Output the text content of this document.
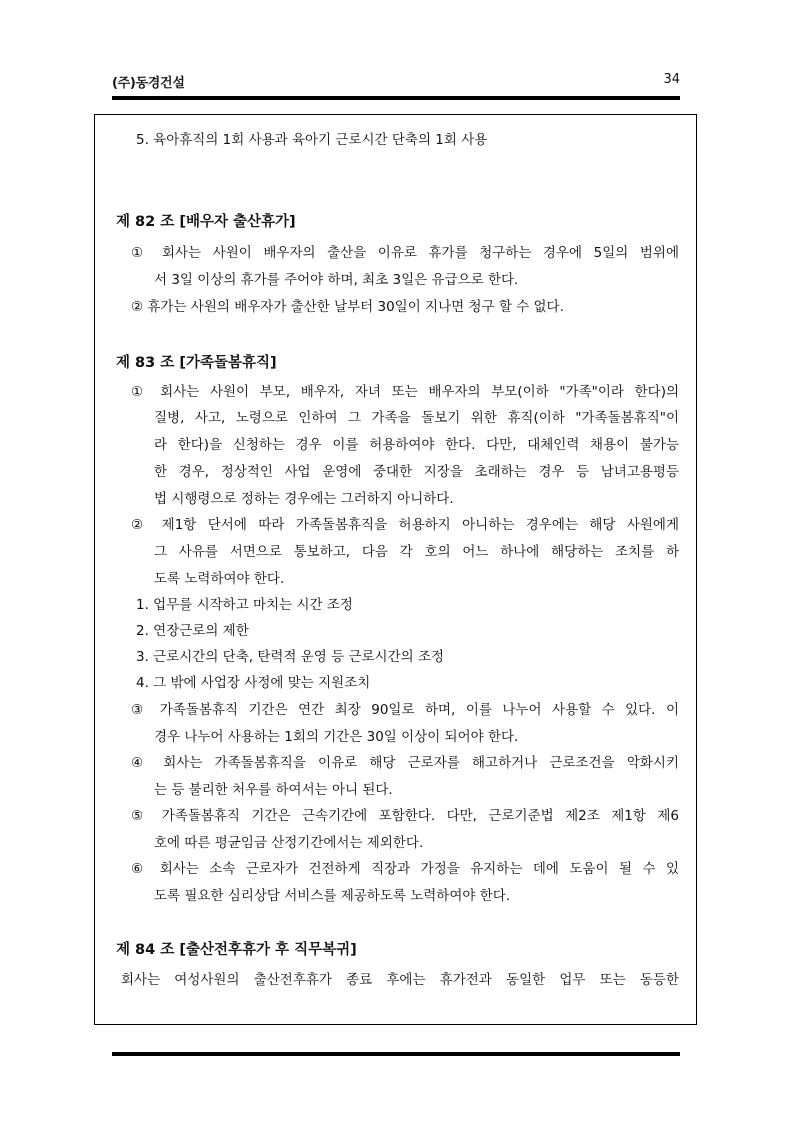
(주)동경건설	34
5. 육아휴직의 1회 사용과 육아기 근로시간 단축의 1회 사용
제 82 조 [배우자 출산휴가]
① 회사는 사원이 배우자의 출산을 이유로 휴가를 청구하는 경우에 5일의 범위에
서 3일 이상의 휴가를 주어야 하며, 최초 3일은 유급으로 한다.
② 휴가는 사원의 배우자가 출산한 날부터 30일이 지나면 청구 할 수 없다.
제 83 조 [가족돌봄휴직]
① 회사는 사원이 부모, 배우자, 자녀 또는 배우자의 부모(이하 "가족"이라 한다)의
질병, 사고, 노령으로 인하여 그 가족을 돌보기 위한 휴직(이하 "가족돌봄휴직"이
라 한다)을 신청하는 경우 이를 허용하여야 한다. 다만, 대체인력 채용이 불가능
한 경우, 정상적인 사업 운영에 중대한 지장을 초래하는 경우 등 남녀고용평등
법 시행령으로 정하는 경우에는 그러하지 아니하다.
② 제1항 단서에 따라 가족돌봄휴직을 허용하지 아니하는 경우에는 해당 사원에게
그 사유를 서면으로 통보하고, 다음 각 호의 어느 하나에 해당하는 조치를 하
도록 노력하여야 한다.
1. 업무를 시작하고 마치는 시간 조정
2. 연장근로의 제한
3. 근로시간의 단축, 탄력적 운영 등 근로시간의 조정
4. 그 밖에 사업장 사정에 맞는 지원조치
③ 가족돌봄휴직 기간은 연간 최장 90일로 하며, 이를 나누어 사용할 수 있다. 이
경우 나누어 사용하는 1회의 기간은 30일 이상이 되어야 한다.
④ 회사는 가족돌봄휴직을 이유로 해당 근로자를 해고하거나 근로조건을 악화시키
는 등 불리한 처우를 하여서는 아니 된다.
⑤ 가족돌봄휴직 기간은 근속기간에 포함한다. 다만, 근로기준법 제2조 제1항 제6
호에 따른 평균임금 산정기간에서는 제외한다.
⑥ 회사는 소속 근로자가 건전하게 직장과 가정을 유지하는 데에 도움이 될 수 있
도록 필요한 심리상담 서비스를 제공하도록 노력하여야 한다.
제 84 조 [출산전후휴가 후 직무복귀]
회사는 여성사원의 출산전후휴가 종료 후에는 휴가전과 동일한 업무 또는 동등한
